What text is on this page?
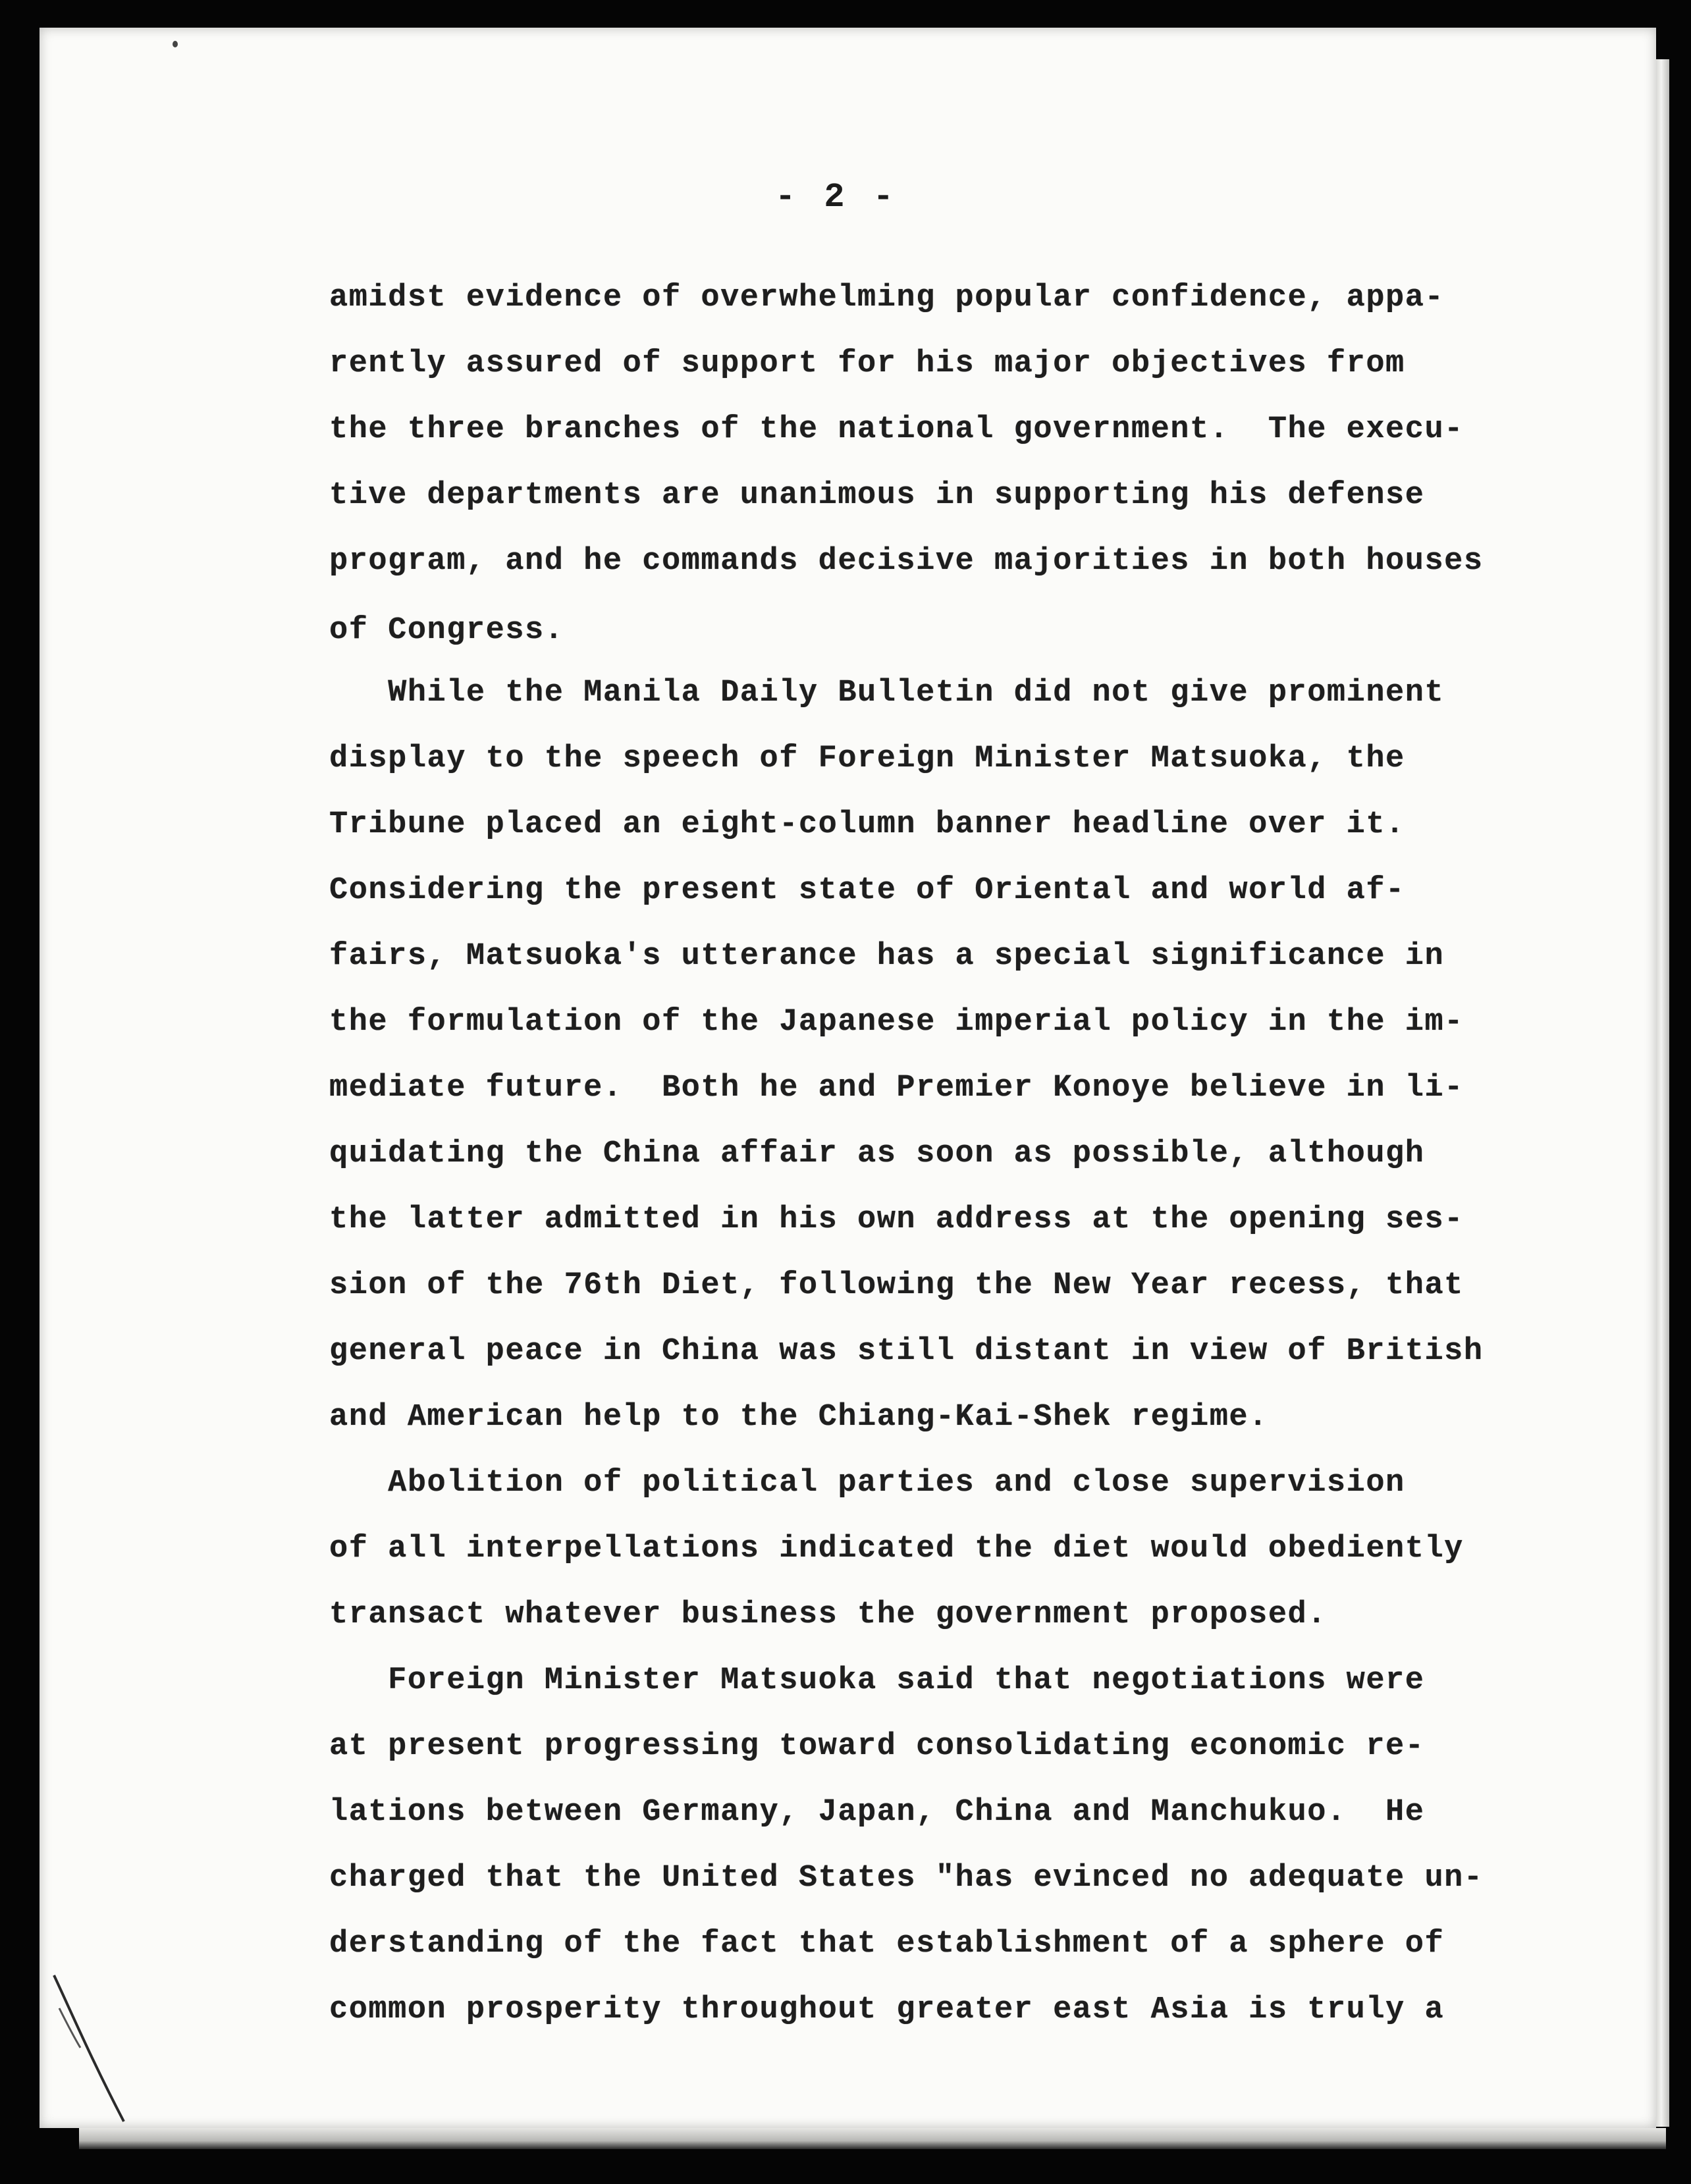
- 2 -
amidst evidence of overwhelming popular confidence, appa-
rently assured of support for his major objectives from
the three branches of the national government.  The execu-
tive departments are unanimous in supporting his defense
program, and he commands decisive majorities in both houses
of Congress.
While the Manila Daily Bulletin did not give prominent
display to the speech of Foreign Minister Matsuoka, the
Tribune placed an eight-column banner headline over it.
Considering the present state of Oriental and world af-
fairs, Matsuoka's utterance has a special significance in
the formulation of the Japanese imperial policy in the im-
mediate future.  Both he and Premier Konoye believe in li-
quidating the China affair as soon as possible, although
the latter admitted in his own address at the opening ses-
sion of the 76th Diet, following the New Year recess, that
general peace in China was still distant in view of British
and American help to the Chiang-Kai-Shek regime.
Abolition of political parties and close supervision
of all interpellations indicated the diet would obediently
transact whatever business the government proposed.
Foreign Minister Matsuoka said that negotiations were
at present progressing toward consolidating economic re-
lations between Germany, Japan, China and Manchukuo.  He
charged that the United States "has evinced no adequate un-
derstanding of the fact that establishment of a sphere of
common prosperity throughout greater east Asia is truly a
